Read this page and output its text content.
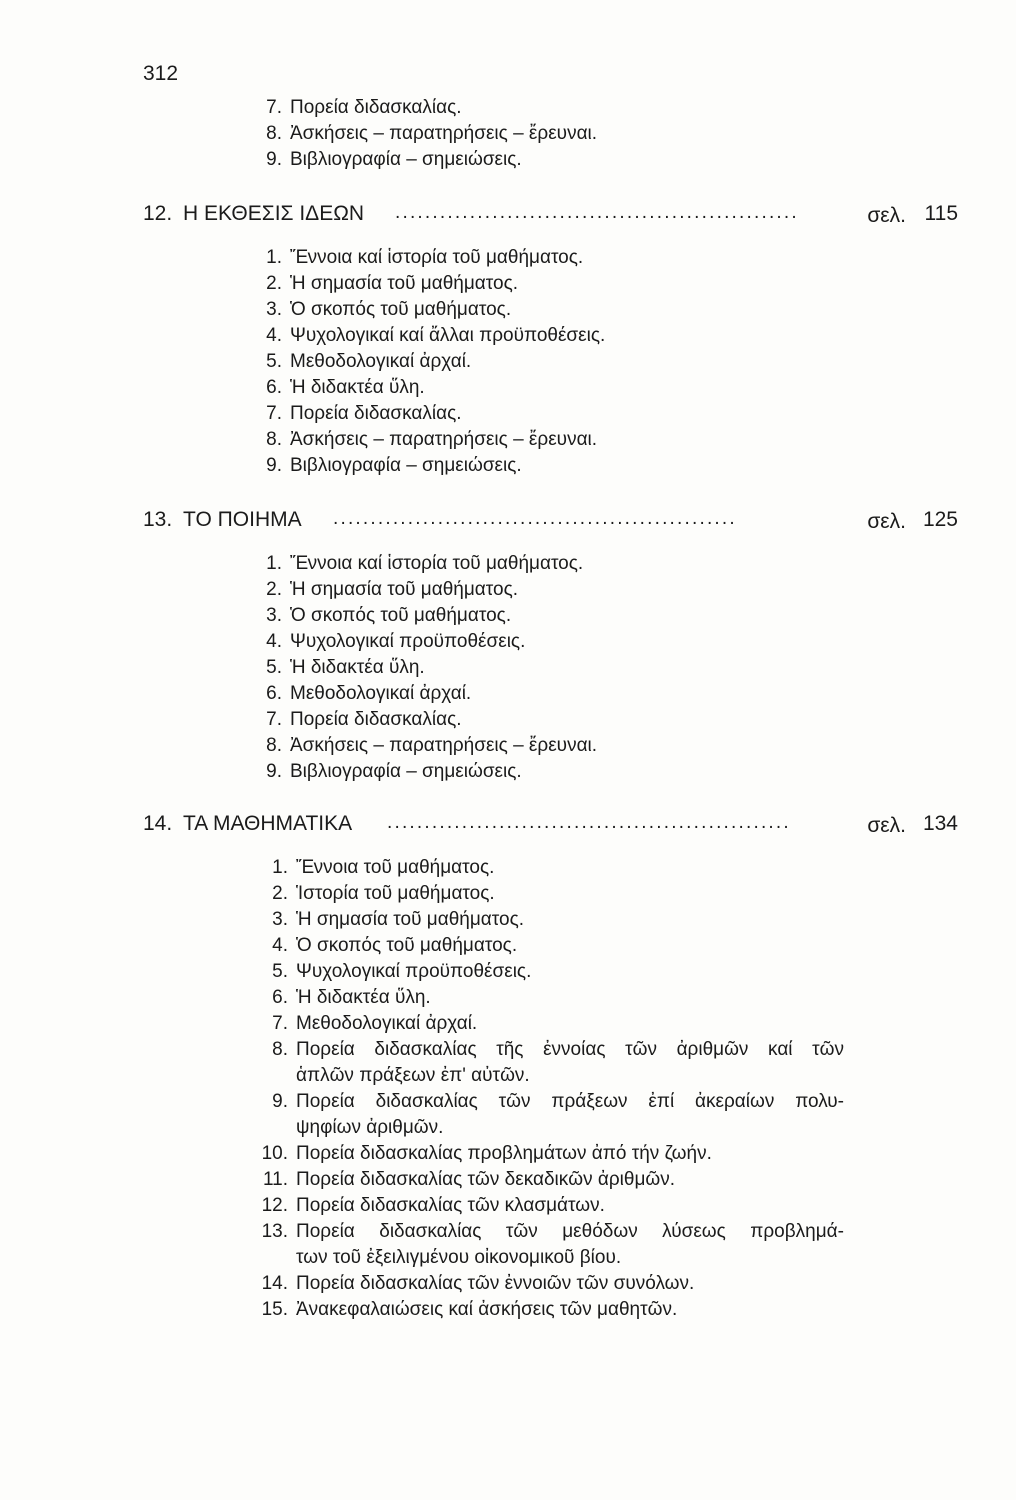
312
7. Πορεία διδασκαλίας.
8. Ἀσκήσεις – παρατηρήσεις – ἔρευναι.
9. Βιβλιογραφία – σημειώσεις.
12. Η ΕΚΘΕΣΙΣ ΙΔΕΩΝ ......................................................	σελ. 115
1. Ἔννοια καί ἱστορία τοῦ μαθήματος.
2. Ἡ σημασία τοῦ μαθήματος.
3. Ὁ σκοπός τοῦ μαθήματος.
4. Ψυχολογικαί καί ἄλλαι προϋποθέσεις.
5. Μεθοδολογικαί ἀρχαί.
6. Ἡ διδακτέα ὕλη.
7. Πορεία διδασκαλίας.
8. Ἀσκήσεις – παρατηρήσεις – ἔρευναι.
9. Βιβλιογραφία – σημειώσεις.
13. ΤΟ ΠΟΙΗΜΑ ......................................................	σελ. 125
1. Ἔννοια καί ἱστορία τοῦ μαθήματος.
2. Ἡ σημασία τοῦ μαθήματος.
3. Ὁ σκοπός τοῦ μαθήματος.
4. Ψυχολογικαί προϋποθέσεις.
5. Ἡ διδακτέα ὕλη.
6. Μεθοδολογικαί ἀρχαί.
7. Πορεία διδασκαλίας.
8. Ἀσκήσεις – παρατηρήσεις – ἔρευναι.
9. Βιβλιογραφία – σημειώσεις.
14. ΤΑ ΜΑΘΗΜΑΤΙΚΑ ......................................................	σελ. 134
1. Ἔννοια τοῦ μαθήματος.
2. Ἱστορία τοῦ μαθήματος.
3. Ἡ σημασία τοῦ μαθήματος.
4. Ὁ σκοπός τοῦ μαθήματος.
5. Ψυχολογικαί προϋποθέσεις.
6. Ἡ διδακτέα ὕλη.
7. Μεθοδολογικαί ἀρχαί.
8. Πορεία διδασκαλίας τῆς ἐννοίας τῶν ἀριθμῶν καί τῶν
ἁπλῶν πράξεων ἐπ' αὐτῶν.
9. Πορεία διδασκαλίας τῶν πράξεων ἐπί ἀκεραίων πολυ-
ψηφίων ἀριθμῶν.
10. Πορεία διδασκαλίας προβλημάτων ἀπό τήν ζωήν.
11. Πορεία διδασκαλίας τῶν δεκαδικῶν ἀριθμῶν.
12. Πορεία διδασκαλίας τῶν κλασμάτων.
13. Πορεία διδασκαλίας τῶν μεθόδων λύσεως προβλημά-
των τοῦ ἐξειλιγμένου οἰκονομικοῦ βίου.
14. Πορεία διδασκαλίας τῶν ἐννοιῶν τῶν συνόλων.
15. Ἀνακεφαλαιώσεις καί ἀσκήσεις τῶν μαθητῶν.
